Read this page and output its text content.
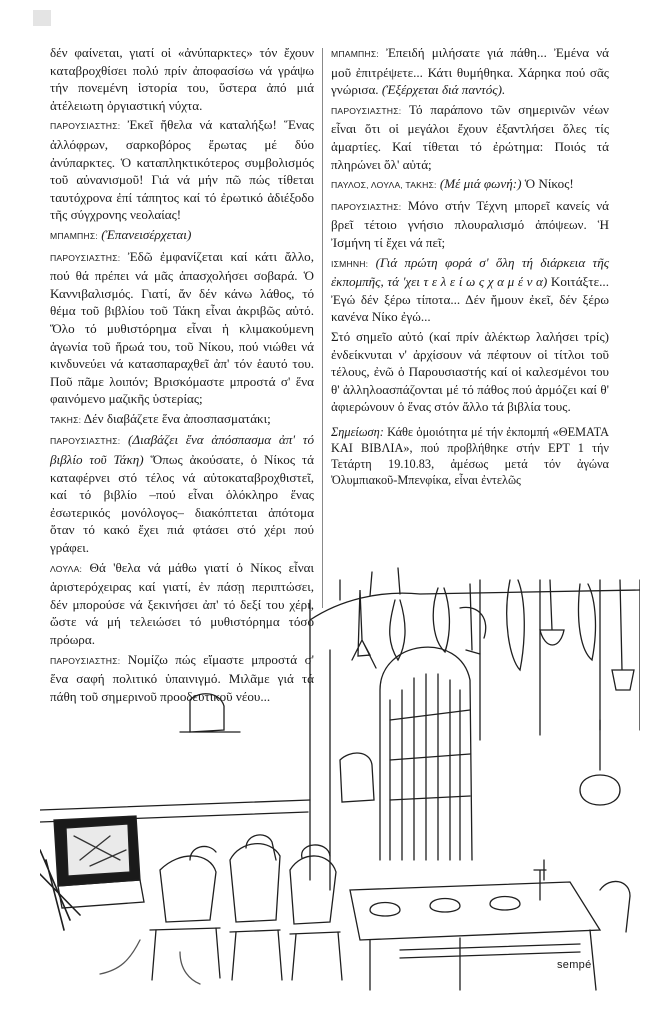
δέν φαίνεται, γιατί οἱ «ἀνύπαρκτες» τόν ἔχουν καταβροχθίσει πολύ πρίν ἀποφασίσω νά γράψω τήν πονεμένη ἱστορία του, ὕστερα ἀπό μιά ἀτέλειωτη ὀργιαστική νύχτα.

ΠΑΡΟΥΣΙΑΣΤΗΣ: Ἐκεῖ ἤθελα νά καταλήξω! Ἕνας ἀλλόφρων, σαρκοβόρος ἔρωτας μέ δύο ἀνύπαρκτες. Ὁ καταπληκτικότερος συμβολισμός τοῦ αὐνανισμοῦ! Γιά νά μήν πῶ πώς τίθεται ταυτόχρονα ἐπί τάπητος καί τό ἐρωτικό ἀδιέξοδο τῆς σύγχρονης νεολαίας!

ΜΠΑΜΠΗΣ: (Ἐπανεισέρχεται)

ΠΑΡΟΥΣΙΑΣΤΗΣ: Ἐδῶ ἐμφανίζεται καί κάτι ἄλλο, πού θά πρέπει νά μᾶς ἀπασχολήσει σοβαρά. Ὁ Καννιβαλισμός. Γιατί, ἄν δέν κάνω λάθος, τό θέμα τοῦ βιβλίου τοῦ Τάκη εἶναι ἀκριβῶς αὐτό. Ὅλο τό μυθιστόρημα εἶναι ἡ κλιμακούμενη ἀγωνία τοῦ ἥρωά του, τοῦ Νίκου, πού νιώθει νά κινδυνεύει νά κατασπαραχθεῖ ἀπ' τόν ἑαυτό του. Ποῦ πᾶμε λοιπόν; Βρισκόμαστε μπροστά σ' ἕνα φαινόμενο μαζικῆς ὑστερίας;

ΤΑΚΗΣ: Δέν διαβάζετε ἕνα ἀποσπασματάκι;

ΠΑΡΟΥΣΙΑΣΤΗΣ: (Διαβάζει ἕνα ἀπόσπασμα ἀπ' τό βιβλίο τοῦ Τάκη) Ὅπως ἀκούσατε, ὁ Νίκος τά καταφέρνει στό τέλος νά αὐτοκαταβροχθιστεῖ, καί τό βιβλίο –πού εἶναι ὁλόκληρο ἕνας ἐσωτερικός μονόλογος– διακόπτεται ἀπότομα ὅταν τό κακό ἔχει πιά φτάσει στό χέρι πού γράφει.

ΛΟΥΛΑ: Θά 'θελα νά μάθω γιατί ὁ Νίκος εἶναι ἀριστερόχειρας καί γιατί, ἐν πάσῃ περιπτώσει, δέν μπορούσε νά ξεκινήσει ἀπ' τό δεξί του χέρι, ὥστε νά μή τελειώσει τό μυθιστόρημα τόσο πρόωρα.

ΠΑΡΟΥΣΙΑΣΤΗΣ: Νομίζω πώς εἴμαστε μπροστά σ' ἕνα σαφή πολιτικό ὑπαινιγμό. Μιλᾶμε γιά τά πάθη τοῦ σημερινοῦ προοδευτικοῦ νέου...

ΜΠΑΜΠΗΣ: Ἐπειδή μιλήσατε γιά πάθη... Ἐμένα νά μοῦ ἐπιτρέψετε... Κάτι θυμήθηκα. Χάρηκα πού σᾶς γνώρισα. (Ἐξέρχεται διά παντός).

ΠΑΡΟΥΣΙΑΣΤΗΣ: Τό παράπονο τῶν σημερινῶν νέων εἶναι ὅτι οἱ μεγάλοι ἔχουν ἐξαντλήσει ὅλες τίς ἁμαρτίες. Καί τίθεται τό ἐρώτημα: Ποιός τά πληρώνει ὅλ' αὐτά;

ΠΑΥΛΟΣ, ΛΟΥΛΑ, ΤΑΚΗΣ: (Μέ μιά φωνή:) Ὁ Νίκος!

ΠΑΡΟΥΣΙΑΣΤΗΣ: Μόνο στήν Τέχνη μπορεῖ κανείς νά βρεῖ τέτοιο γνήσιο πλουραλισμό ἀπόψεων. Ἡ Ἰσμήνη τί ἔχει νά πεῖ;

ΙΣΜΗΝΗ: (Γιά πρώτη φορά σ' ὅλη τή διάρκεια τῆς ἐκπομπῆς, τά 'χει τ ε λ ε ί ω ς χ α μ έ ν α) Κοιτάξτε... Ἐγώ δέν ξέρω τίποτα... Δέν ἤμουν ἐκεῖ, δέν ξέρω κανένα Νίκο ἐγώ...

Στό σημεῖο αὐτό (καί πρίν ἀλέκτωρ λαλήσει τρίς) ἐνδείκνυται ν' ἀρχίσουν νά πέφτουν οἱ τίτλοι τοῦ τέλους, ἐνῶ ὁ Παρουσιαστής καί οἱ καλεσμένοι του θ' ἀλληλοασπάζονται μέ τό πάθος πού ἁρμόζει καί θ' ἀφιερώνουν ὁ ἕνας στόν ἄλλο τά βιβλία τους.

Σημείωση: Κάθε ὁμοιότητα μέ τήν ἐκπομπή «ΘΕΜΑΤΑ ΚΑΙ ΒΙΒΛΙΑ», πού προβλήθηκε στήν ΕΡΤ 1 τήν Τετάρτη 19.10.83, ἀμέσως μετά τόν ἀγώνα Ὀλυμπιακοῦ-Μπενφίκα, εἶναι ἐντελῶς

sempé
